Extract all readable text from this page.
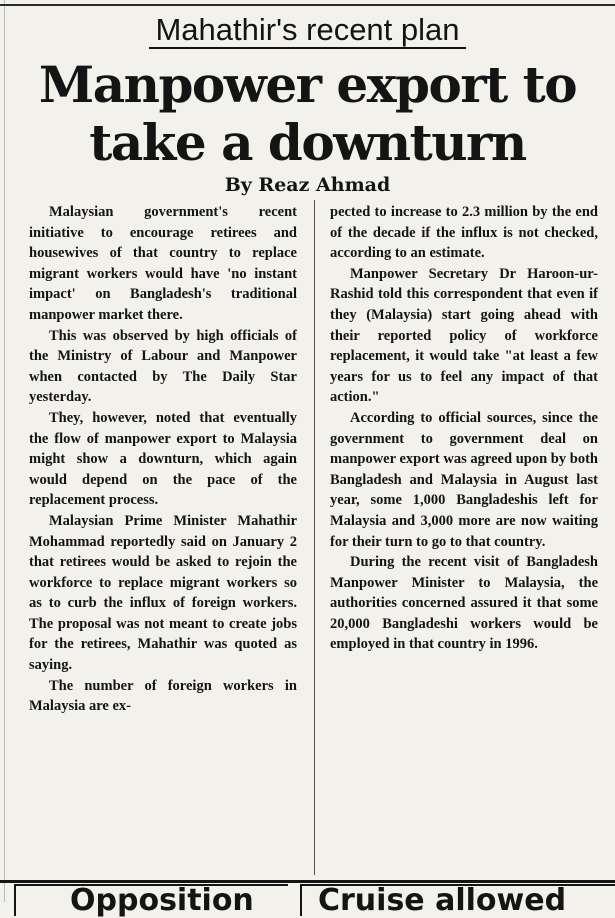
Mahathir's recent plan
Manpower export to
take a downturn
By Reaz Ahmad

Malaysian government's recent initiative to encourage retirees and housewives of that country to replace migrant workers would have 'no instant impact' on Bangladesh's traditional manpower market there.

This was observed by high officials of the Ministry of Labour and Manpower when contacted by The Daily Star yesterday.

They, however, noted that eventually the flow of manpower export to Malaysia might show a downturn, which again would depend on the pace of the replacement process.

Malaysian Prime Minister Mahathir Mohammad reportedly said on January 2 that retirees would be asked to rejoin the workforce to replace migrant workers so as to curb the influx of foreign workers. The proposal was not meant to create jobs for the retirees, Mahathir was quoted as saying.

The number of foreign workers in Malaysia are ex-

pected to increase to 2.3 million by the end of the decade if the influx is not checked, according to an estimate.

Manpower Secretary Dr Haroon-ur-Rashid told this correspondent that even if they (Malaysia) start going ahead with their reported policy of workforce replacement, it would take "at least a few years for us to feel any impact of that action."

According to official sources, since the government to government deal on manpower export was agreed upon by both Bangladesh and Malaysia in August last year, some 1,000 Bangladeshis left for Malaysia and 3,000 more are now waiting for their turn to go to that country.

During the recent visit of Bangladesh Manpower Minister to Malaysia, the authorities concerned assured it that some 20,000 Bangladeshi workers would be employed in that country in 1996.

Opposition Cruise allowed
